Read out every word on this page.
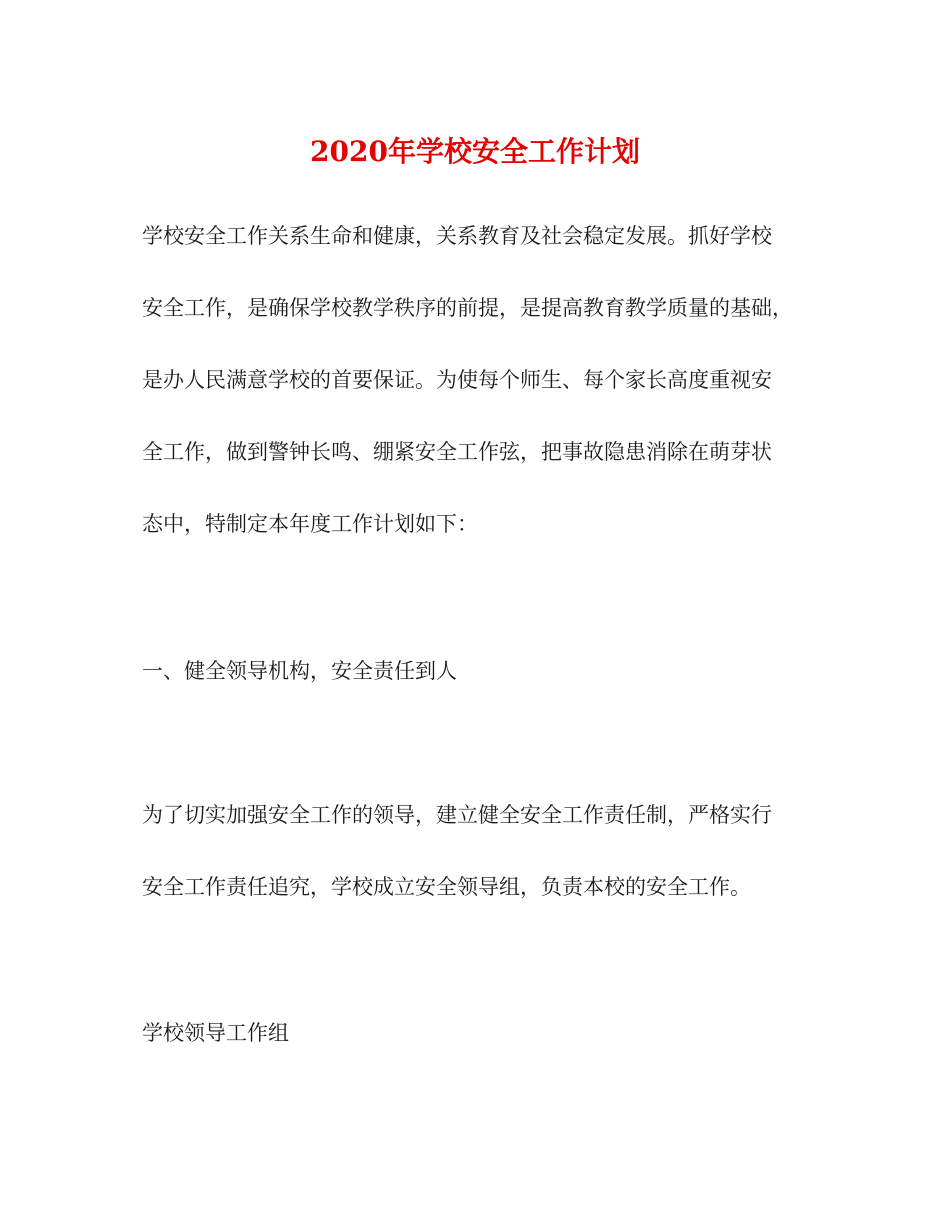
2020年学校安全工作计划
学校安全工作关系生命和健康，关系教育及社会稳定发展。抓好学校
安全工作，是确保学校教学秩序的前提，是提高教育教学质量的基础，
是办人民满意学校的首要保证。为使每个师生、每个家长高度重视安
全工作，做到警钟长鸣、绷紧安全工作弦，把事故隐患消除在萌芽状
态中，特制定本年度工作计划如下：
一、健全领导机构，安全责任到人
为了切实加强安全工作的领导，建立健全安全工作责任制，严格实行
安全工作责任追究，学校成立安全领导组，负责本校的安全工作。
学校领导工作组
